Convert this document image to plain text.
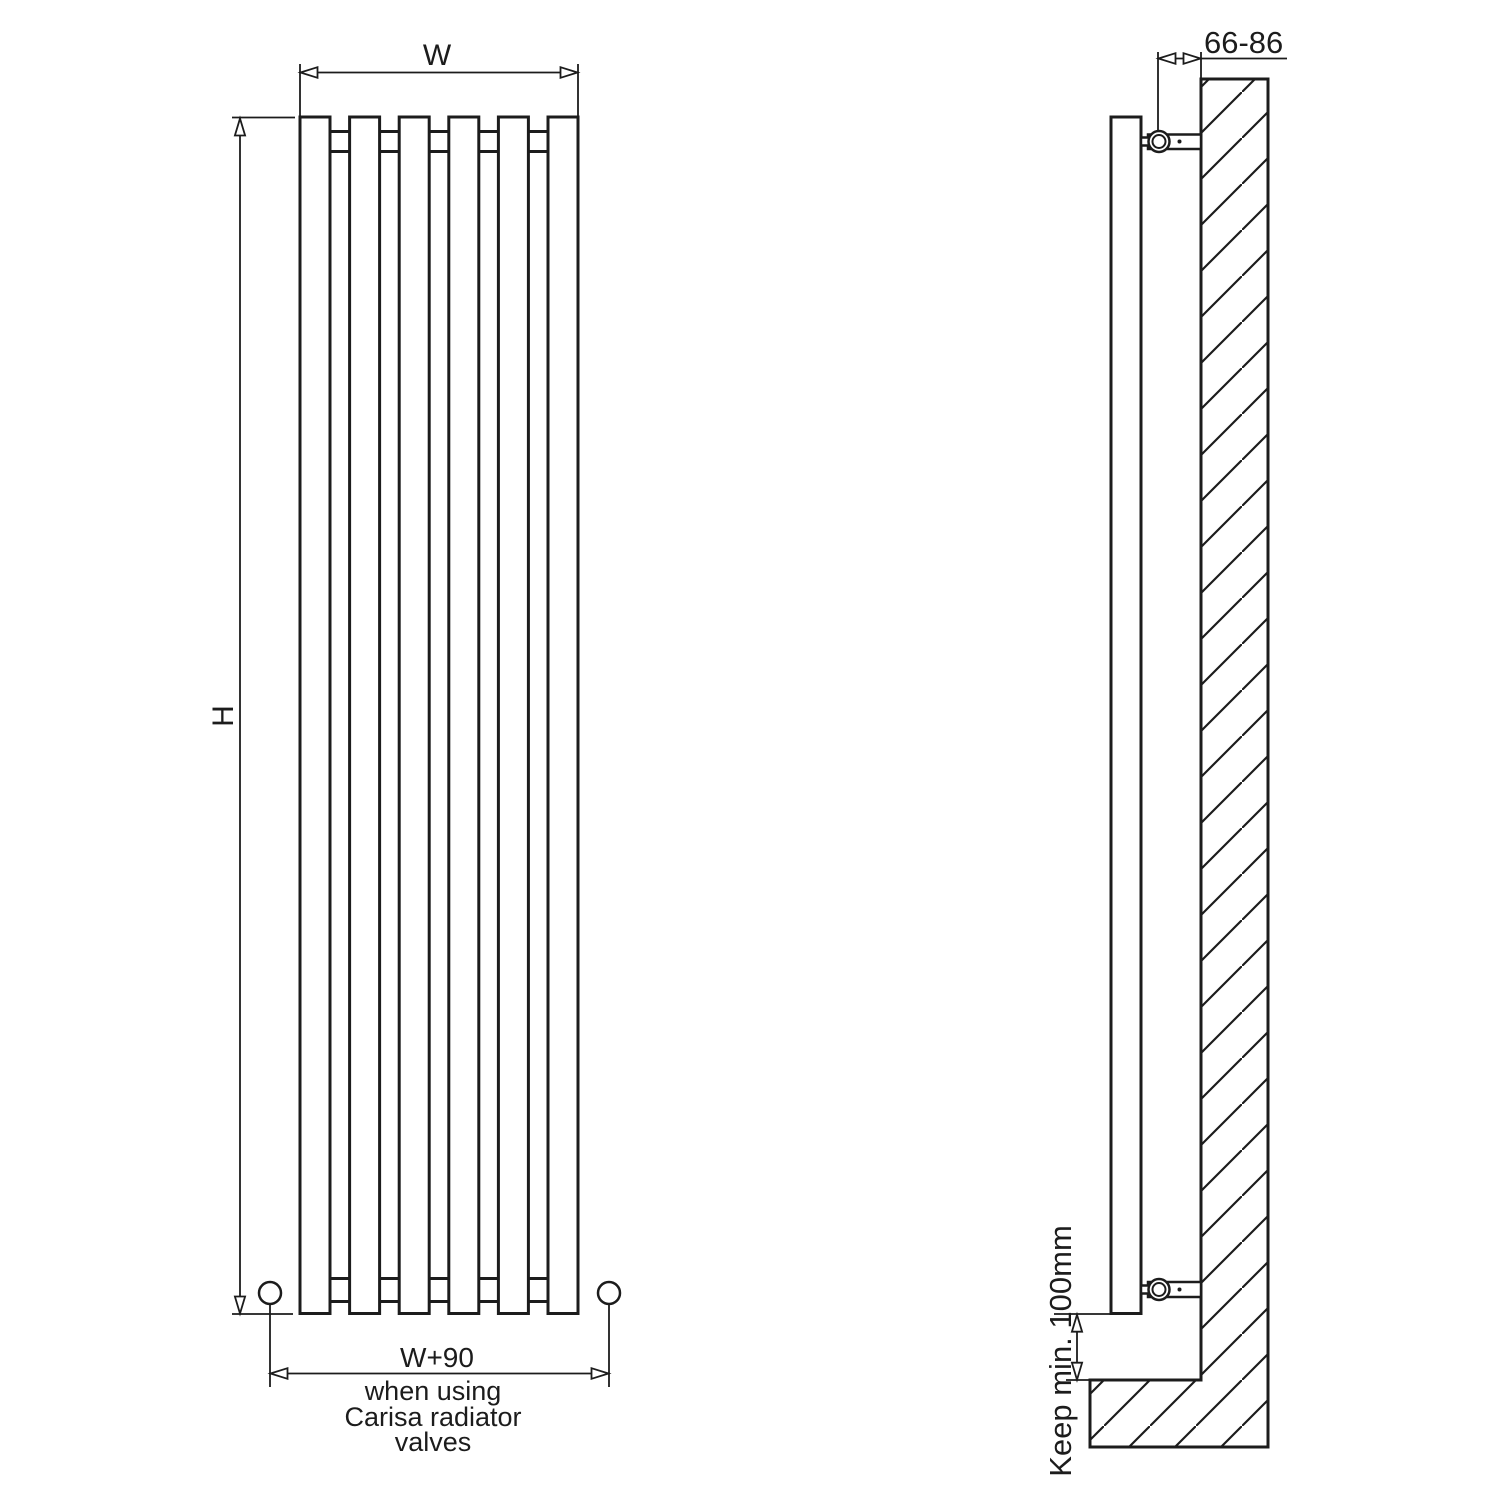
W
H
W+90
when using
Carisa radiator
valves
66-86
Keep min. 100mm
